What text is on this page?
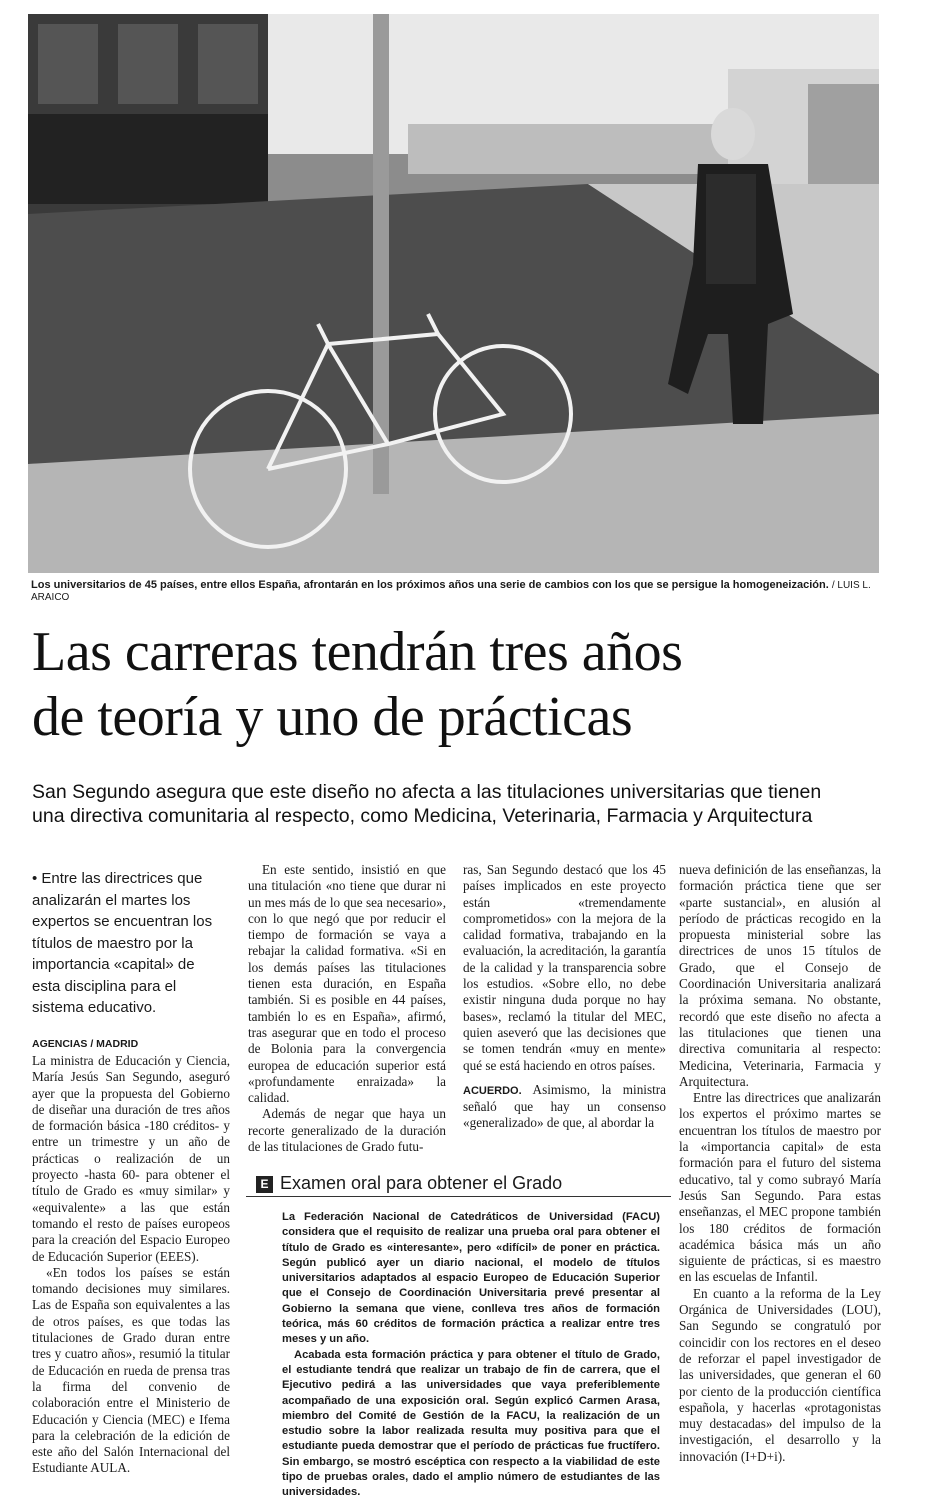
Los universitarios de 45 países, entre ellos España, afrontarán en los próximos años una serie de cambios con los que se persigue la homogeneización. / LUIS L. ARAICO
Las carreras tendrán tres años
de teoría y uno de prácticas
San Segundo asegura que este diseño no afecta a las titulaciones universitarias que tienen
una directiva comunitaria al respecto, como Medicina, Veterinaria, Farmacia y Arquitectura
• Entre las directrices que analizarán el martes los expertos se encuentran los títulos de maestro por la importancia «capital» de esta disciplina para el sistema educativo.
AGENCIAS / MADRID

La ministra de Educación y Ciencia, María Jesús San Segundo, aseguró ayer que la propuesta del Gobierno de diseñar una duración de tres años de formación básica -180 créditos- y entre un trimestre y un año de prácticas o realización de un proyecto -hasta 60- para obtener el título de Grado es «muy similar» y «equivalente» a las que están tomando el resto de países europeos para la creación del Espacio Europeo de Educación Superior (EEES).

«En todos los países se están tomando decisiones muy similares. Las de España son equivalentes a las de otros países, es que todas las titulaciones de Grado duran entre tres y cuatro años», resumió la titular de Educación en rueda de prensa tras la firma del convenio de colaboración entre el Ministerio de Educación y Ciencia (MEC) e Ifema para la celebración de la edición de este año del Salón Internacional del Estudiante AULA.

En este sentido, insistió en que una titulación «no tiene que durar ni un mes más de lo que sea necesario», con lo que negó que por reducir el tiempo de formación se vaya a rebajar la calidad formativa. «Si en los demás países las titulaciones tienen esta duración, en España también. Si es posible en 44 países, también lo es en España», afirmó, tras asegurar que en todo el proceso de Bolonia para la convergencia europea de educación superior está «profundamente enraizada» la calidad.

Además de negar que haya un recorte generalizado de la duración de las titulaciones de Grado futu-

ras, San Segundo destacó que los 45 países implicados en este proyecto están «tremendamente comprometidos» con la mejora de la calidad formativa, trabajando en la evaluación, la acreditación, la garantía de la calidad y la transparencia sobre los estudios. «Sobre ello, no debe existir ninguna duda porque no hay bases», reclamó la titular del MEC, quien aseveró que las decisiones que se tomen tendrán «muy en mente» qué se está haciendo en otros países.

ACUERDO. Asimismo, la ministra señaló que hay un consenso «generalizado» de que, al abordar la

nueva definición de las enseñanzas, la formación práctica tiene que ser «parte sustancial», en alusión al período de prácticas recogido en la propuesta ministerial sobre las directrices de unos 15 títulos de Grado, que el Consejo de Coordinación Universitaria analizará la próxima semana. No obstante, recordó que este diseño no afecta a las titulaciones que tienen una directiva comunitaria al respecto: Medicina, Veterinaria, Farmacia y Arquitectura.

Entre las directrices que analizarán los expertos el próximo martes se encuentran los títulos de maestro por la «importancia capital» de esta formación para el futuro del sistema educativo, tal y como subrayó María Jesús San Segundo. Para estas enseñanzas, el MEC propone también los 180 créditos de formación académica básica más un año siguiente de prácticas, si es maestro en las escuelas de Infantil.

En cuanto a la reforma de la Ley Orgánica de Universidades (LOU), San Segundo se congratuló por coincidir con los rectores en el deseo de reforzar el papel investigador de las universidades, que generan el 60 por ciento de la producción científica española, y hacerlas «protagonistas muy destacadas» del impulso de la investigación, el desarrollo y la innovación (I+D+i).

E Examen oral para obtener el Grado

La Federación Nacional de Catedráticos de Universidad (FACU) considera que el requisito de realizar una prueba oral para obtener el título de Grado es «interesante», pero «difícil» de poner en práctica. Según publicó ayer un diario nacional, el modelo de títulos universitarios adaptados al espacio Europeo de Educación Superior que el Consejo de Coordinación Universitaria prevé presentar al Gobierno la semana que viene, conlleva tres años de formación teórica, más 60 créditos de formación práctica a realizar entre tres meses y un año.

Acabada esta formación práctica y para obtener el título de Grado, el estudiante tendrá que realizar un trabajo de fin de carrera, que el Ejecutivo pedirá a las universidades que vaya preferiblemente acompañado de una exposición oral. Según explicó Carmen Arasa, miembro del Comité de Gestión de la FACU, la realización de un estudio sobre la labor realizada resulta muy positiva para que el estudiante pueda demostrar que el período de prácticas fue fructífero. Sin embargo, se mostró escéptica con respecto a la viabilidad de este tipo de pruebas orales, dado el amplio número de estudiantes de las universidades.
